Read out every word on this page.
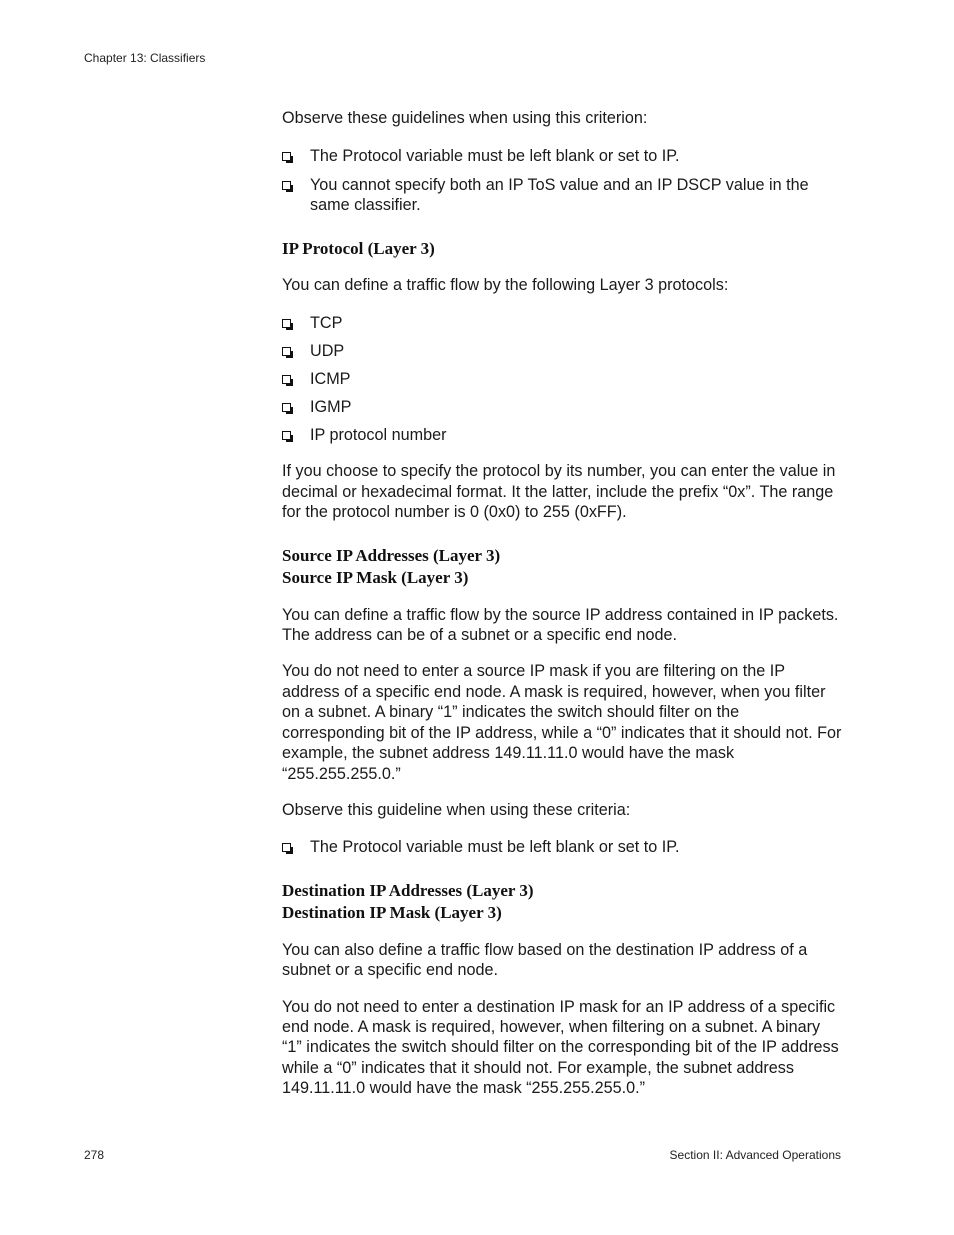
Chapter 13: Classifiers

Observe these guidelines when using this criterion:

The Protocol variable must be left blank or set to IP.
You cannot specify both an IP ToS value and an IP DSCP value in the same classifier.
IP Protocol (Layer 3)

You can define a traffic flow by the following Layer 3 protocols:

TCP
UDP
ICMP
IGMP
IP protocol number

If you choose to specify the protocol by its number, you can enter the value in decimal or hexadecimal format. It the latter, include the prefix “0x”. The range for the protocol number is 0 (0x0) to 255 (0xFF).

Source IP Addresses (Layer 3)
Source IP Mask (Layer 3)

You can define a traffic flow by the source IP address contained in IP packets. The address can be of a subnet or a specific end node.

You do not need to enter a source IP mask if you are filtering on the IP address of a specific end node. A mask is required, however, when you filter on a subnet. A binary “1” indicates the switch should filter on the corresponding bit of the IP address, while a “0” indicates that it should not. For example, the subnet address 149.11.11.0 would have the mask “255.255.255.0.”

Observe this guideline when using these criteria:

The Protocol variable must be left blank or set to IP.
Destination IP Addresses (Layer 3)
Destination IP Mask (Layer 3)

You can also define a traffic flow based on the destination IP address of a subnet or a specific end node.

You do not need to enter a destination IP mask for an IP address of a specific end node. A mask is required, however, when filtering on a subnet. A binary “1” indicates the switch should filter on the corresponding bit of the IP address while a “0” indicates that it should not. For example, the subnet address 149.11.11.0 would have the mask “255.255.255.0.”

278	Section II: Advanced Operations
